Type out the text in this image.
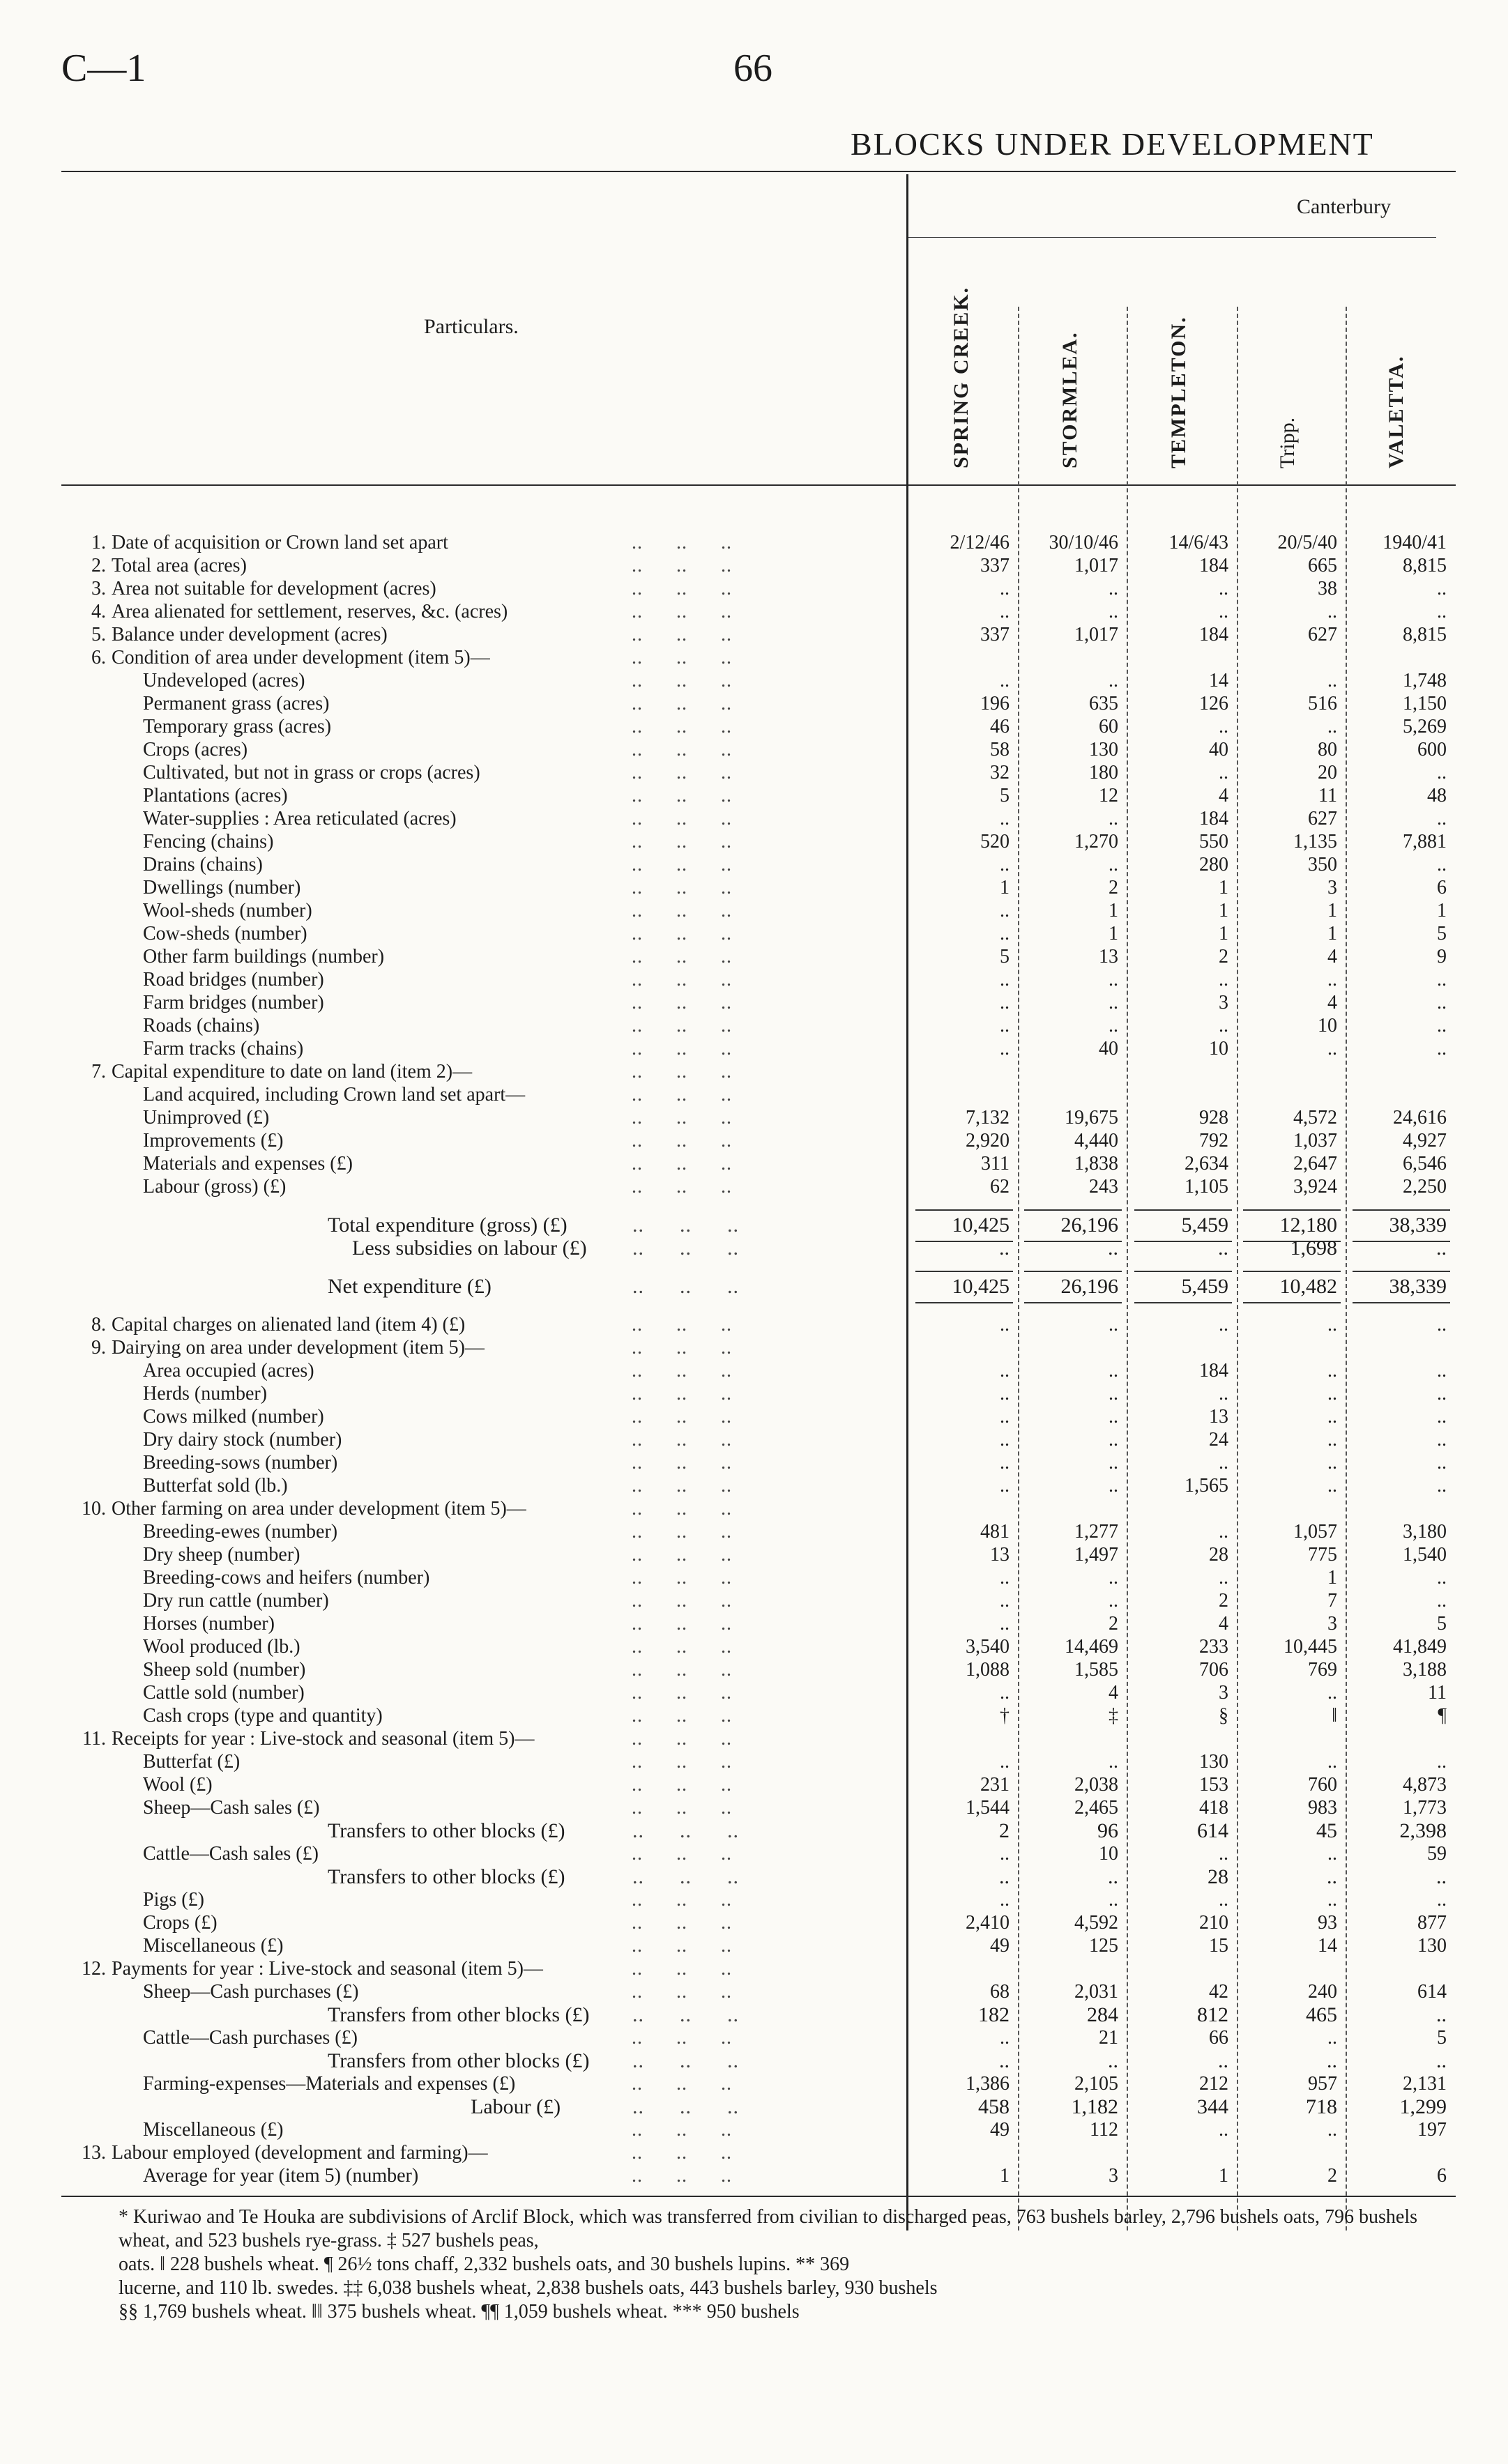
C—1	66
BLOCKS UNDER DEVELOPMENT
Canterbury
Particulars.	SPRING CREEK.	STORMLEA.	TEMPLETON.	Tripp.	VALETTA.
1. Date of acquisition or Crown land set apart	..      ..      ..	2/12/46	30/10/46	14/6/43	20/5/40	1940/41
2. Total area (acres)	..      ..      ..	337	1,017	184	665	8,815
3. Area not suitable for development (acres)	..      ..      ..	..	..	..	38	..
4. Area alienated for settlement, reserves, &c. (acres)	..      ..      ..	..	..	..	..	..
5. Balance under development (acres)	..      ..      ..	337	1,017	184	627	8,815
6. Condition of area under development (item 5)—	..      ..      ..
Undeveloped (acres)	..      ..      ..	..	..	14	..	1,748
Permanent grass (acres)	..      ..      ..	196	635	126	516	1,150
Temporary grass (acres)	..      ..      ..	46	60	..	..	5,269
Crops (acres)	..      ..      ..	58	130	40	80	600
Cultivated, but not in grass or crops (acres)	..      ..      ..	32	180	..	20	..
Plantations (acres)	..      ..      ..	5	12	4	11	48
Water-supplies : Area reticulated (acres)	..      ..      ..	..	..	184	627	..
Fencing (chains)	..      ..      ..	520	1,270	550	1,135	7,881
Drains (chains)	..      ..      ..	..	..	280	350	..
Dwellings (number)	..      ..      ..	1	2	1	3	6
Wool-sheds (number)	..      ..      ..	..	1	1	1	1
Cow-sheds (number)	..      ..      ..	..	1	1	1	5
Other farm buildings (number)	..      ..      ..	5	13	2	4	9
Road bridges (number)	..      ..      ..	..	..	..	..	..
Farm bridges (number)	..      ..      ..	..	..	3	4	..
Roads (chains)	..      ..      ..	..	..	..	10	..
Farm tracks (chains)	..      ..      ..	..	40	10	..	..
7. Capital expenditure to date on land (item 2)—	..      ..      ..
Land acquired, including Crown land set apart—	..      ..      ..
Unimproved (£)	..      ..      ..	7,132	19,675	928	4,572	24,616
Improvements (£)	..      ..      ..	2,920	4,440	792	1,037	4,927
Materials and expenses (£)	..      ..      ..	311	1,838	2,634	2,647	6,546
Labour (gross) (£)	..      ..      ..	62	243	1,105	3,924	2,250
Total expenditure (gross) (£)	..      ..      ..	10,425	26,196	5,459	12,180	38,339
Less subsidies on labour (£) ..      ..      ..	..	..	..	1,698	..
Net expenditure (£)	..      ..      ..	10,425	26,196	5,459	10,482	38,339
8. Capital charges on alienated land (item 4) (£)	..      ..      ..	..	..	..	..	..
9. Dairying on area under development (item 5)—	..      ..      ..
Area occupied (acres)	..      ..      ..	..	..	184	..	..
Herds (number)	..      ..      ..	..	..	..	..	..
Cows milked (number)	..      ..      ..	..	..	13	..	..
Dry dairy stock (number)	..      ..      ..	..	..	24	..	..
Breeding-sows (number)	..      ..      ..	..	..	..	..	..
Butterfat sold (lb.)	..      ..      ..	..	..	1,565	..	..
10. Other farming on area under development (item 5)—	..      ..      ..
Breeding-ewes (number)	..      ..      ..	481	1,277	..	1,057	3,180
Dry sheep (number)	..      ..      ..	13	1,497	28	775	1,540
Breeding-cows and heifers (number)	..      ..      ..	..	..	..	1	..
Dry run cattle (number)	..      ..      ..	..	..	2	7	..
Horses (number)	..      ..      ..	..	2	4	3	5
Wool produced (lb.)	..      ..      ..	3,540	14,469	233	10,445	41,849
Sheep sold (number)	..      ..      ..	1,088	1,585	706	769	3,188
Cattle sold (number)	..      ..      ..	..	4	3	..	11
Cash crops (type and quantity)	..      ..      ..	†	‡	§	‖	¶
11. Receipts for year : Live-stock and seasonal (item 5)—	..      ..      ..
Butterfat (£)	..      ..      ..	..	..	130	..	..
Wool (£)	..      ..      ..	231	2,038	153	760	4,873
Sheep—Cash sales (£)	..      ..      ..	1,544	2,465	418	983	1,773
Transfers to other blocks (£)	..      ..      ..	2	96	614	45	2,398
Cattle—Cash sales (£)	..      ..      ..	..	10	..	..	59
Transfers to other blocks (£)	..      ..      ..	..	..	28	..	..
Pigs (£)	..      ..      ..	..	..	..	..	..
Crops (£)	..      ..      ..	2,410	4,592	210	93	877
Miscellaneous (£)	..      ..      ..	49	125	15	14	130
12. Payments for year : Live-stock and seasonal (item 5)—	..      ..      ..
Sheep—Cash purchases (£)	..      ..      ..	68	2,031	42	240	614
Transfers from other blocks (£) ..      ..      ..	182	284	812	465	..
Cattle—Cash purchases (£)	..      ..      ..	..	21	66	..	5
Transfers from other blocks (£) ..      ..      ..	..	..	..	..	..
Farming-expenses—Materials and expenses (£)	..      ..      ..	1,386	2,105	212	957	2,131
Labour (£)	..      ..      ..	458	1,182	344	718	1,299
Miscellaneous (£)	..      ..      ..	49	112	..	..	197
13. Labour employed (development and farming)—	..      ..      ..
Average for year (item 5) (number)	..      ..      ..	1	3	1	2	6
* Kuriwao and Te Houka are subdivisions of Arclif Block, which was transferred from civilian to discharged peas, 763 bushels barley, 2,796 bushels oats, 796 bushels wheat, and 523 bushels rye-grass. ‡ 527 bushels peas,
oats. ‖ 228 bushels wheat. ¶ 26½ tons chaff, 2,332 bushels oats, and 30 bushels lupins. ** 369
lucerne, and 110 lb. swedes. ‡‡ 6,038 bushels wheat, 2,838 bushels oats, 443 bushels barley, 930 bushels
§§ 1,769 bushels wheat. ‖‖ 375 bushels wheat. ¶¶ 1,059 bushels wheat. *** 950 bushels
